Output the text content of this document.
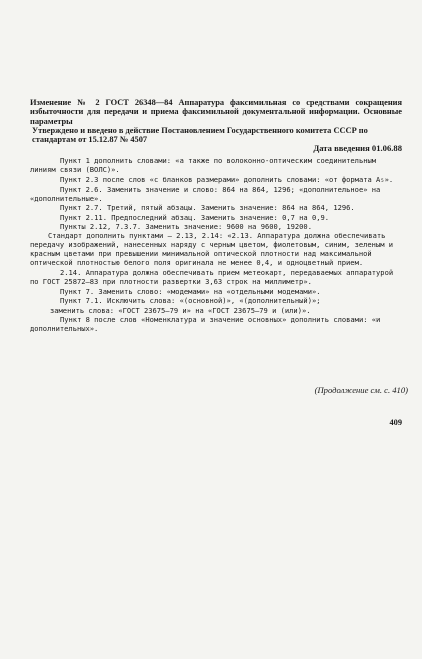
Изменение № 2 ГОСТ 26348—84 Аппаратура факсимильная со средствами сокращения избыточности для передачи и приема факсимильной документальной информации. Основные параметры
Утверждено и введено в действие Постановлением Государственного комитета СССР по стандартам от 15.12.87 № 4507
Дата введения 01.06.88

Пункт 1 дополнить словами: «а также по волоконно-оптическим соединительным линиям связи (ВОЛС)».

Пункт 2.3 после слов «с бланков размерами» дополнить словами: «от формата А₅».

Пункт 2.6. Заменить значение и слово: 864 на 864, 1296; «дополнительное» на «дополнительные».

Пункт 2.7. Третий, пятый абзацы. Заменить значение: 864 на 864, 1296.

Пункт 2.11. Предпоследний абзац. Заменить значение: 0,7 на 0,9.

Пункты 2.12, 7.3.7. Заменить значение: 9600 на 9600, 19200.

Стандарт дополнить пунктами — 2.13, 2.14: «2.13. Аппаратура должна обеспечивать передачу изображений, нанесенных наряду с черным цветом, фиолетовым, синим, зеленым и красным цветами при превышении минимальной оптической плотности над максимальной оптической плотностью белого поля оригинала не менее 0,4, и одноцветный прием.

2.14. Аппаратура должна обеспечивать прием метеокарт, передаваемых аппаратурой по ГОСТ 25872—83 при плотности развертки 3,63 строк на миллиметр».

Пункт 7. Заменить слово: «модемами» на «отдельными модемами».

Пункт 7.1. Исключить слова: «(основной)», «(дополнительный)»;

заменить слова: «ГОСТ 23675—79 и» на «ГОСТ 23675—79 и (или)».

Пункт 8 после слов «Номенклатура и значение основных» дополнить словами: «и дополнительных».

(Продолжение см. с. 410)
409
